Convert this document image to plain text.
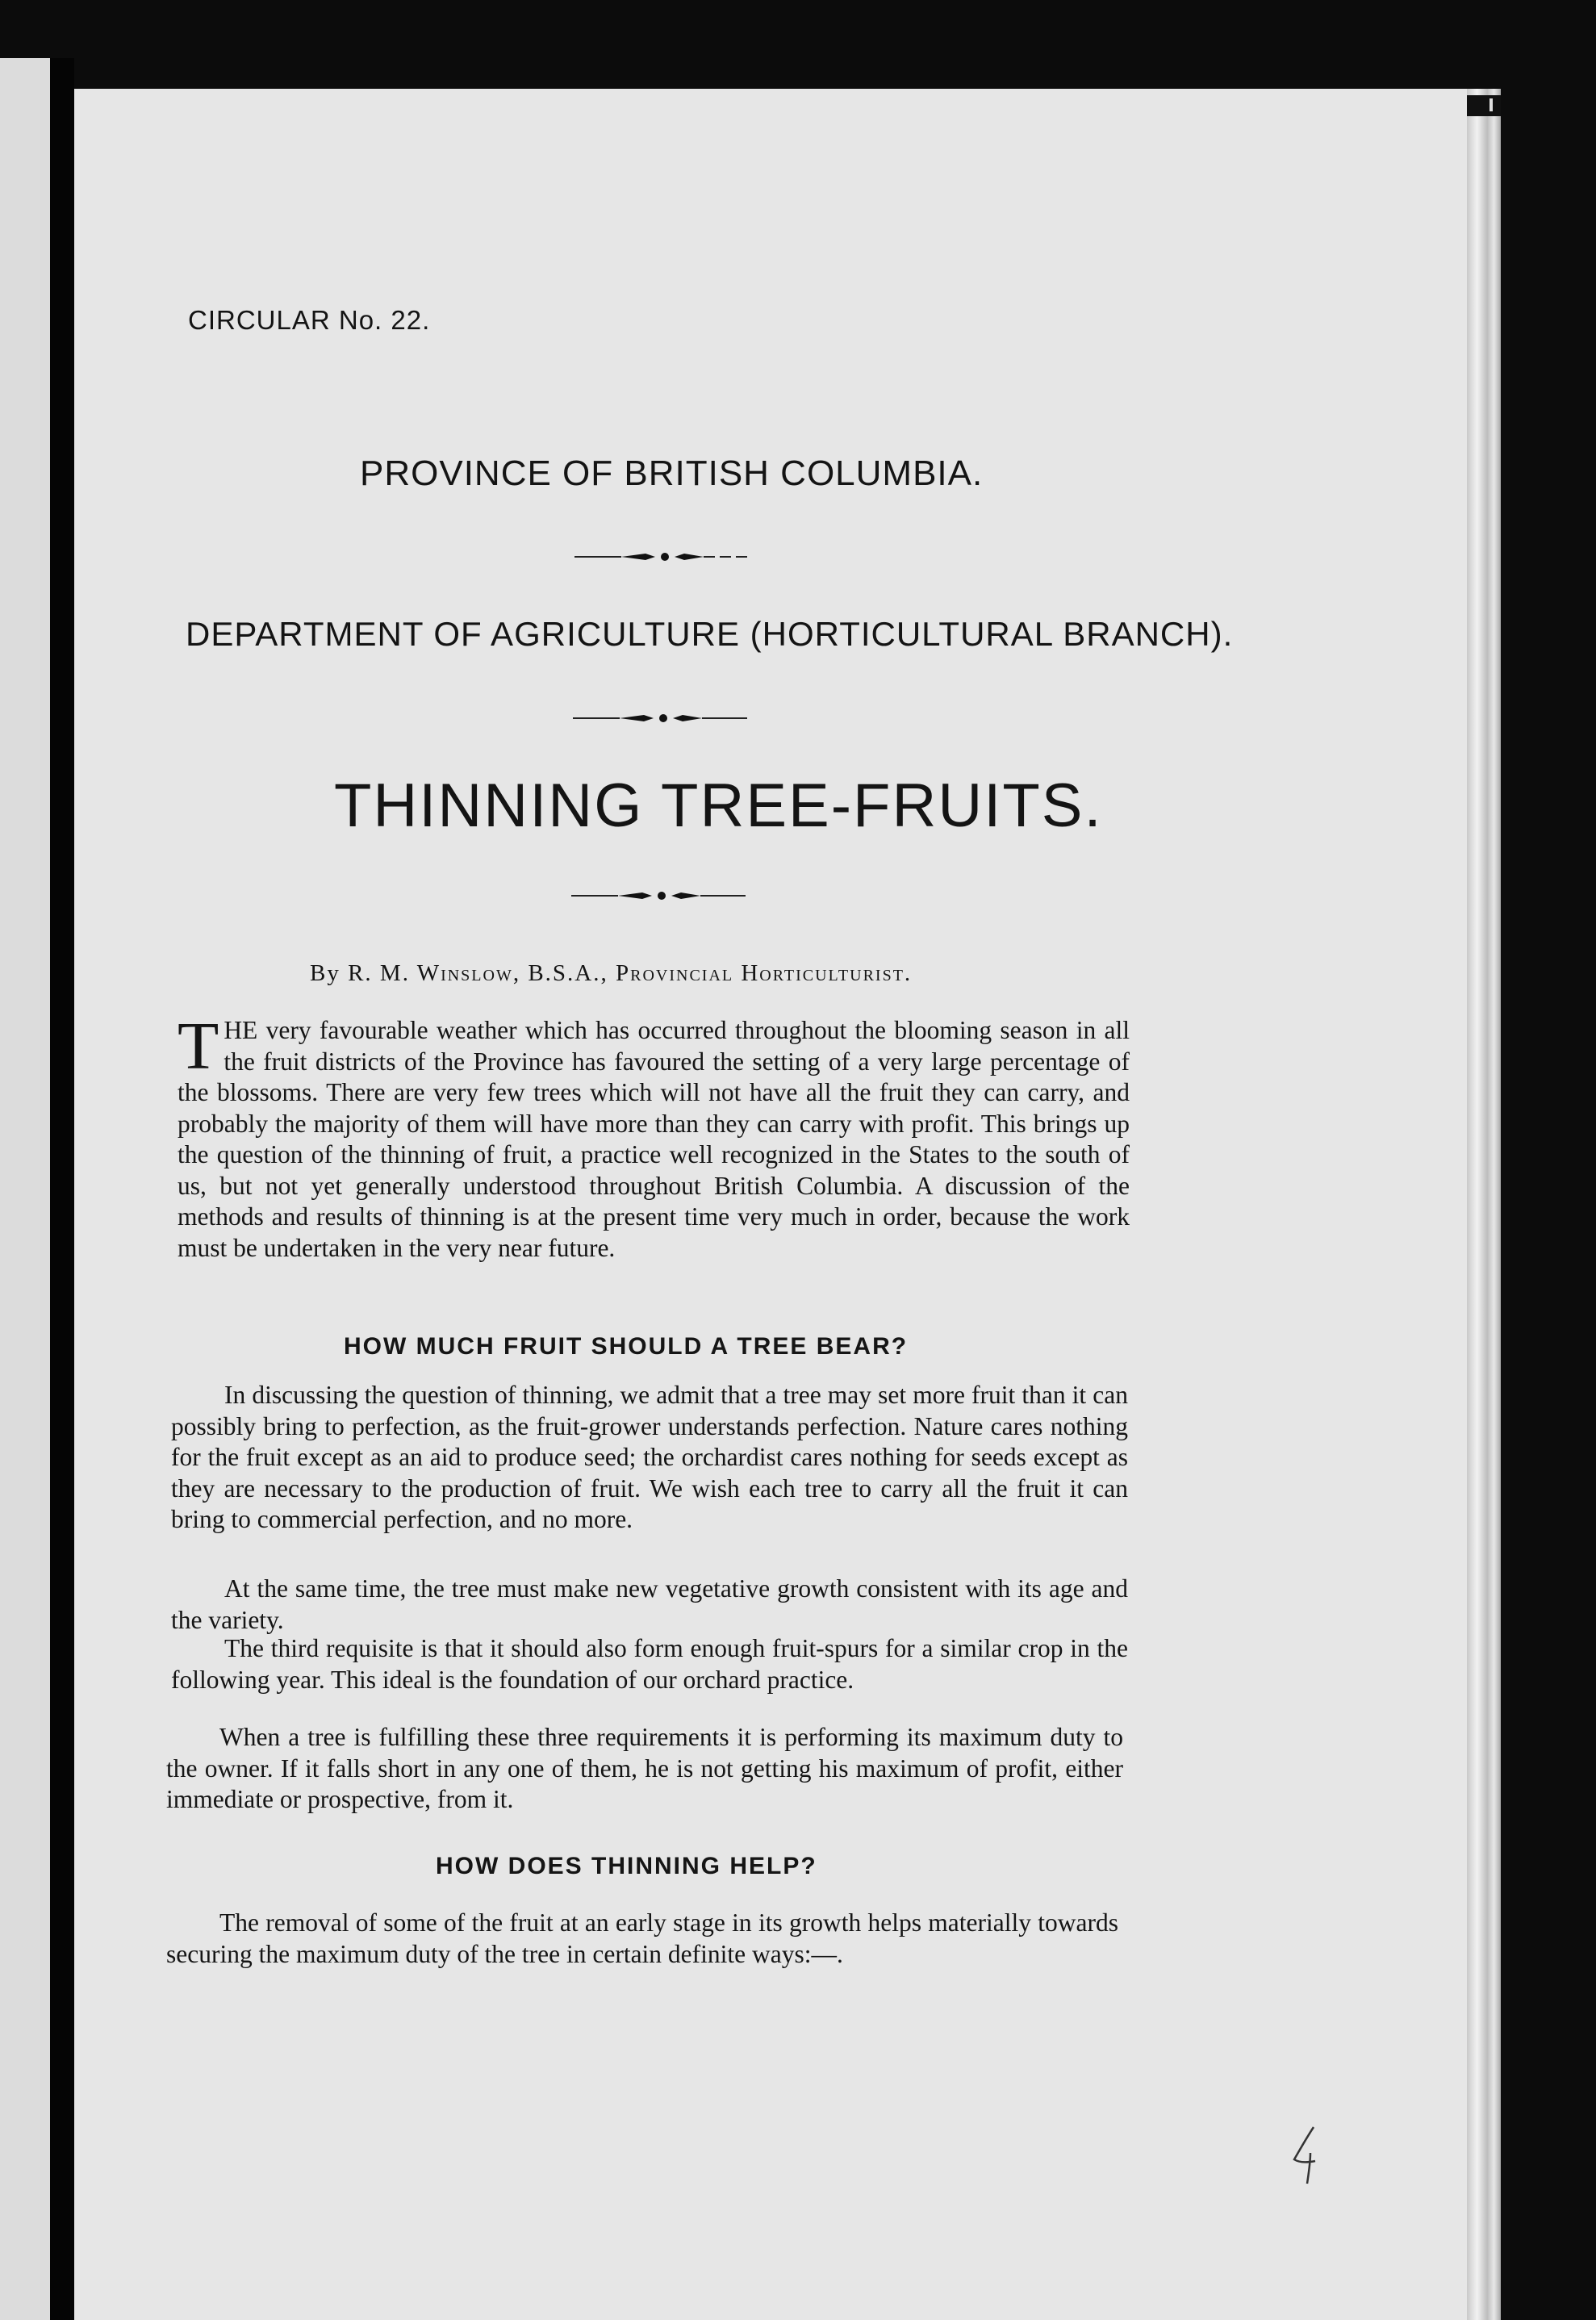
CIRCULAR No. 22.
PROVINCE OF BRITISH COLUMBIA.
DEPARTMENT OF AGRICULTURE (HORTICULTURAL BRANCH).
THINNING TREE-FRUITS.
By R. M. Winslow, B.S.A., Provincial Horticulturist.

THE very favourable weather which has occurred throughout the blooming season in all the fruit districts of the Province has favoured the setting of a very large percentage of the blossoms. There are very few trees which will not have all the fruit they can carry, and probably the majority of them will have more than they can carry with profit. This brings up the question of the thinning of fruit, a practice well recognized in the States to the south of us, but not yet generally understood throughout British Columbia. A discussion of the methods and results of thinning is at the present time very much in order, because the work must be undertaken in the very near future.

HOW MUCH FRUIT SHOULD A TREE BEAR?

In discussing the question of thinning, we admit that a tree may set more fruit than it can possibly bring to perfection, as the fruit-grower understands perfection. Nature cares nothing for the fruit except as an aid to produce seed; the orchardist cares nothing for seeds except as they are necessary to the production of fruit. We wish each tree to carry all the fruit it can bring to commercial perfection, and no more.

At the same time, the tree must make new vegetative growth consistent with its age and the variety.

The third requisite is that it should also form enough fruit-spurs for a similar crop in the following year. This ideal is the foundation of our orchard practice.

When a tree is fulfilling these three requirements it is performing its maximum duty to the owner. If it falls short in any one of them, he is not getting his maximum of profit, either immediate or prospective, from it.

HOW DOES THINNING HELP?

The removal of some of the fruit at an early stage in its growth helps materially towards securing the maximum duty of the tree in certain definite ways:—.
